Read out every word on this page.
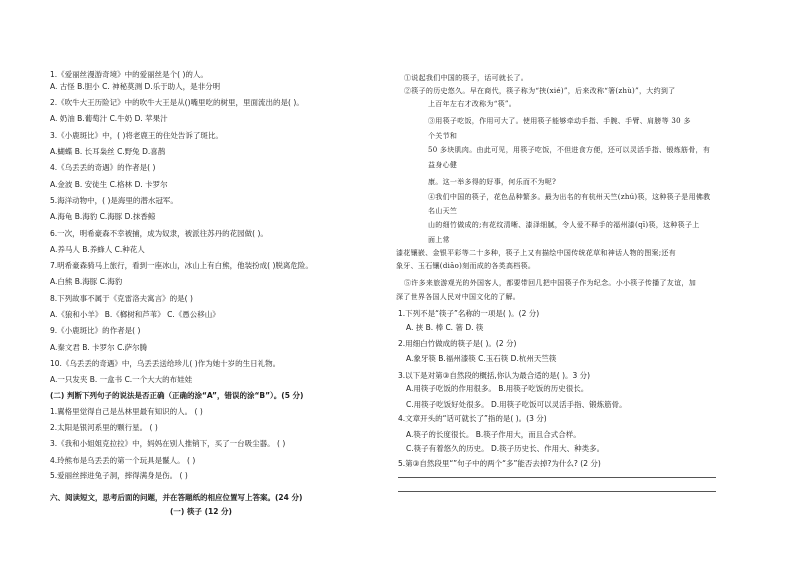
1.《爱丽丝漫游奇境》中的爱丽丝是个( )的人。
A. 古怪 B.胆小 C. 神秘莫测 D.乐于助人，是非分明
2.《吹牛大王历险记》中的吹牛大王是从()嘴里吃的树里，里面流出的是( )。
A. 奶油 B.葡萄汁 C.牛奶 D. 苹果汁
3.《小鹿斑比》中，( )将老鹿王的住处告诉了斑比。
A.蝴蝶 B. 长耳枭丝 C.野兔 D.喜鹊
4.《乌丢丢的奇遇》的作者是( )
A.金波 B. 安徒生 C.格林 D. 卡罗尔
5.海洋动物中，( )是海里的潜水冠军。
A.海龟 B.海豹 C.海豚 D.抹香鲸
6.一次，明希豪森不幸被捕，成为奴隶，被派往苏丹的花园做( )。
A.养马人 B.养蜂人 C.种花人
7.明希豪森骑马上旅行，看到一座冰山，冰山上有白熊，他装扮成( )脱离危险。
A.白熊 B.海豚 C.海豹
8.下列故事不属于《克雷洛夫寓言》的是( )
A.《狼和小羊》 B.《榔树和芦苇》 C.《愚公移山》
9.《小鹿斑比》的作者是( )
A.秦文君 B. 卡罗尔 C.萨尔腾
10.《乌丢丢的奇遇》中，乌丢丢送给珍儿( )作为她十岁的生日礼物。
A.一只发夹 B. 一盒书 C.一个大大的布娃娃
(二) 判断下列句子的说法是否正确（正确的涂“A”，错误的涂“B”）。(5 分)
1.翼格里觉得自己是丛林里最有知识的人。 ( )
2.太阳是银河系里的颗行星。 ( )
3.《我和小姐姐克拉拉》中，妈妈在别人推销下，买了一台吸尘器。 ( )
4.玲熊布是乌丢丢的第一个玩具是鬣人。 ( )
5.爱丽丝摔进兔子洞，摔得满身是伤。 ( )
六、阅读短文，思考后面的问题，并在答题纸的相应位置写上答案。(24 分)
(一) 筷子 (12 分)
①说起我们中国的筷子，话可就长了。
②筷子的历史悠久。早在商代，筷子称为“挟(xié)”，后来改称“箸(zhù)”，大约到了
上百年左右才改称为“筷”。
③用筷子吃饭，作用可大了。使用筷子能够牵动手指、手腕、手臂、肩膀等 30 多
个关节和
50 多块肌肉。由此可见，用筷子吃饭，不但进食方便，还可以灵活手指、锻炼筋骨，有
益身心健
康。这一举多得的好事，何乐而不为呢?
④我们中国的筷子，花色品种繁多。最为出名的有杭州天竺(zhú)筷，这种筷子是用佛教
名山天竺
山的细竹做成的;有花纹清晰、漆泽细腻，令人爱不释手的福州漆(qī)筷，这种筷子上
面上常
漆花镶嵌、金银平彩等二十多种，筷子上又有描绘中国传统花草和神话人物的图案;还有
象牙、玉石镶(diāo)刻而成的各类高档筷。
⑤许多来旅游观光的外国客人，都要带回几把中国筷子作为纪念。小小筷子传播了友谊，加
深了世界各国人民对中国文化的了解。
1.下列不是“筷子”名称的一项是( )。(2 分)
A. 挟 B. 棒 C. 箸 D. 筷
2.用细白竹做成的筷子是( )。(2 分)
A.象牙筷 B.福州漆筷 C.玉石筷 D.杭州天竺筷
3.以下是对第③自然段的概括,你认为最合适的是( )。3 分)
A.用筷子吃饭的作用很多。 B.用筷子吃饭的历史很长。
C.用筷子吃饭好处很多。 D.用筷子吃饭可以灵活手指、锻炼筋骨。
4.文章开头的“话可就长了”指的是( )。(3 分)
A.筷子的长度很长。 B.筷子作用大，而且合式合样。
C.筷子有着悠久的历史。 D.筷子历史长、作用大、种类多。
5.第③自然段里“”句子中的两个“多”能否去掉?为什么? (2 分)
